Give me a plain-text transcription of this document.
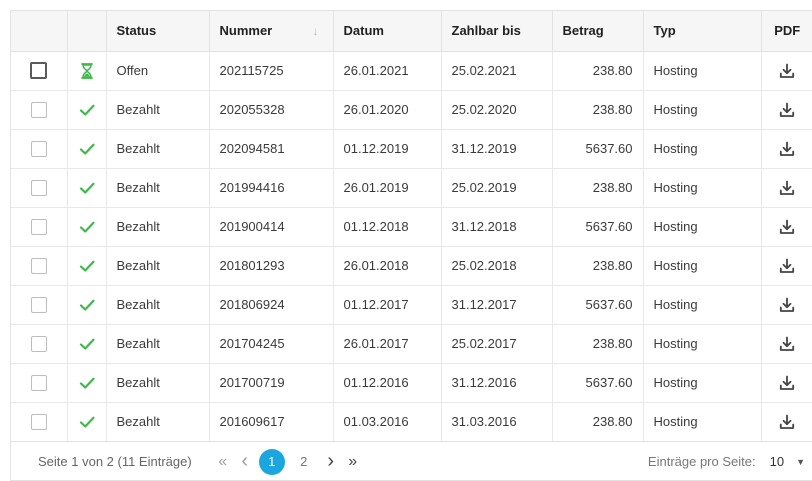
		Status	Nummer ↓	Datum	Zahlbar bis	Betrag	Typ	PDF
		Offen	202115725	26.01.2021	25.02.2021	238.80	Hosting	
		Bezahlt	202055328	26.01.2020	25.02.2020	238.80	Hosting	
		Bezahlt	202094581	01.12.2019	31.12.2019	5637.60	Hosting	
		Bezahlt	201994416	26.01.2019	25.02.2019	238.80	Hosting	
		Bezahlt	201900414	01.12.2018	31.12.2018	5637.60	Hosting	
		Bezahlt	201801293	26.01.2018	25.02.2018	238.80	Hosting	
		Bezahlt	201806924	01.12.2017	31.12.2017	5637.60	Hosting	
		Bezahlt	201704245	26.01.2017	25.02.2017	238.80	Hosting	
		Bezahlt	201700719	01.12.2016	31.12.2016	5637.60	Hosting	
		Bezahlt	201609617	01.03.2016	31.03.2016	238.80	Hosting	
Seite 1 von 2 (11 Einträge)	« ‹	1	2	› »	Einträge pro Seite: 10 ▼
